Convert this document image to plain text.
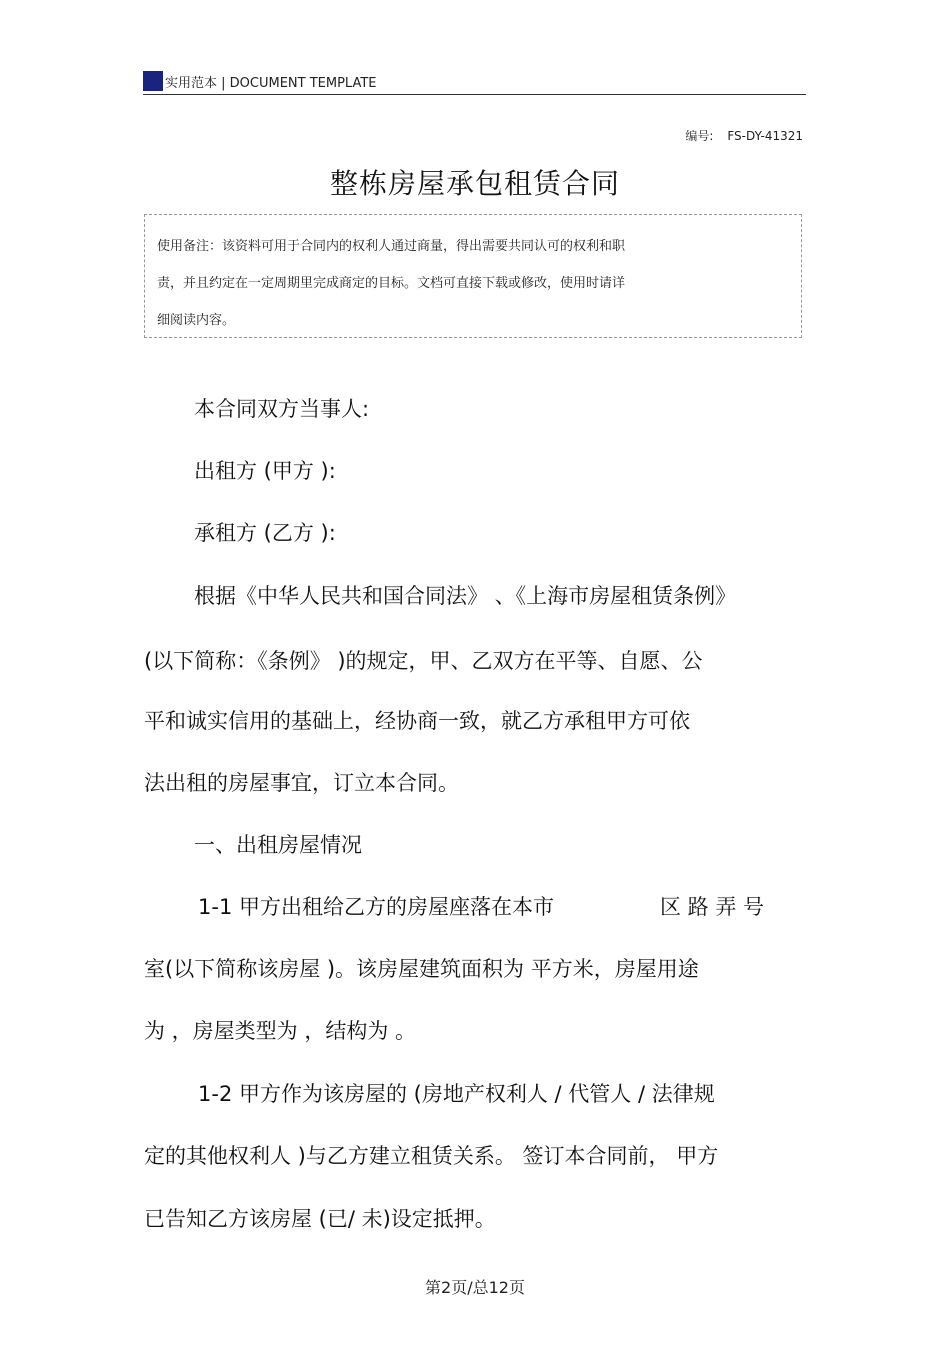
实用范本 | DOCUMENT TEMPLATE
编号: FS-DY-41321
整栋房屋承包租赁合同

使用备注：该资料可用于合同内的权利人通过商量，得出需要共同认可的权利和职

责，并且约定在一定周期里完成商定的目标。文档可直接下载或修改，使用时请详

细阅读内容。

本合同双方当事人:

出租方 (甲方 ):

承租方 (乙方 ):

根据《中华人民共和国合同法》 、《上海市房屋租赁条例》

(以下简称：《条例》 )的规定，甲、乙双方在平等、自愿、公

平和诚实信用的基础上，经协商一致，就乙方承租甲方可依

法出租的房屋事宜，订立本合同。

一、出租房屋情况

1-1 甲方出租给乙方的房屋座落在本市	区 路 弄 号

室(以下简称该房屋 )。该房屋建筑面积为 平方米，房屋用途

为 ，房屋类型为 ，结构为 。

1-2 甲方作为该房屋的 (房地产权利人 / 代管人 / 法律规

定的其他权利人 )与乙方建立租赁关系。 签订本合同前， 甲方

已告知乙方该房屋 (已/ 未)设定抵押。

第2页/总12页
